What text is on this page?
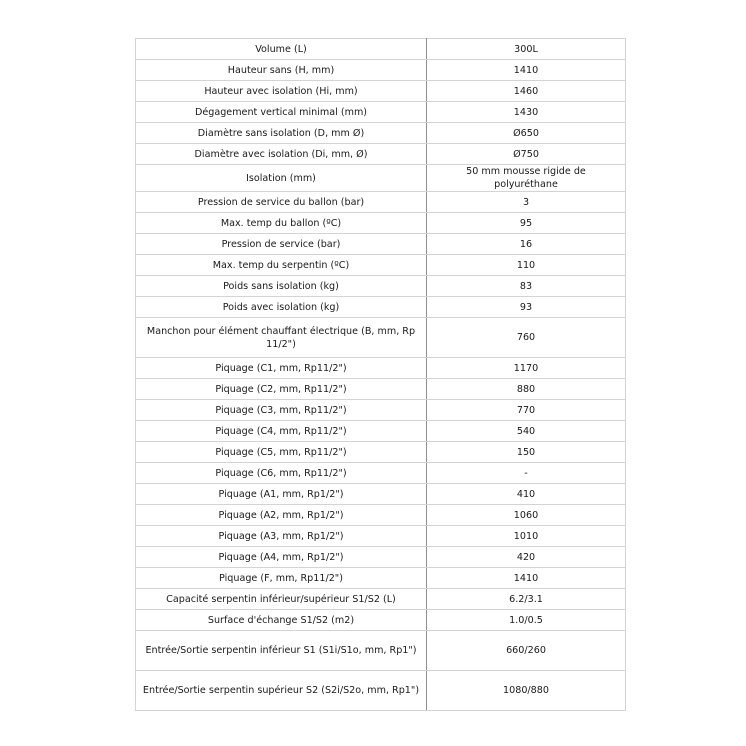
Volume (L)	300L
Hauteur sans (H, mm)	1410
Hauteur avec isolation (Hi, mm)	1460
Dégagement vertical minimal (mm)	1430
Diamètre sans isolation (D, mm Ø)	Ø650
Diamètre avec isolation (Di, mm, Ø)	Ø750
Isolation (mm)	50 mm mousse rigide de polyuréthane
Pression de service du ballon (bar)	3
Max. temp du ballon (ºC)	95
Pression de service (bar)	16
Max. temp du serpentin (ºC)	110
Poids sans isolation (kg)	83
Poids avec isolation (kg)	93
Manchon pour élément chauffant électrique (B, mm, Rp 11/2")	760
Piquage (C1, mm, Rp11/2")	1170
Piquage (C2, mm, Rp11/2")	880
Piquage (C3, mm, Rp11/2")	770
Piquage (C4, mm, Rp11/2")	540
Piquage (C5, mm, Rp11/2")	150
Piquage (C6, mm, Rp11/2")	-
Piquage (A1, mm, Rp1/2")	410
Piquage (A2, mm, Rp1/2")	1060
Piquage (A3, mm, Rp1/2")	1010
Piquage (A4, mm, Rp1/2")	420
Piquage (F, mm, Rp11/2")	1410
Capacité serpentin inférieur/supérieur S1/S2 (L)	6.2/3.1
Surface d'échange S1/S2 (m2)	1.0/0.5
Entrée/Sortie serpentin inférieur S1 (S1i/S1o, mm, Rp1")	660/260
Entrée/Sortie serpentin supérieur S2 (S2i/S2o, mm, Rp1")	1080/880
